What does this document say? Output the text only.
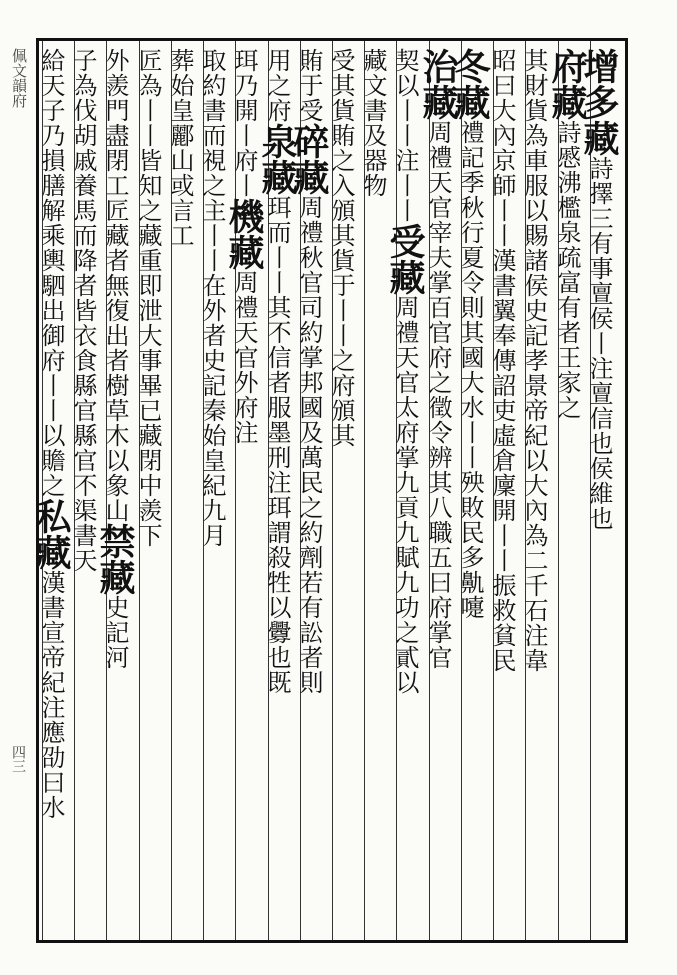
佩文韻府
四三
增多藏詩擇三有事亶侯丨注亶信也侯維也
府藏詩慼沸檻泉疏富有者王家之
其財貨為車服以賜諸侯史記孝景帝紀以大內為二千石注韋
昭曰大內京師丨丨漢書翼奉傳詔吏虛倉廩開丨丨振救貧民
冬藏禮記季秋行夏令則其國大水丨丨殃敗民多鼽嚏
治藏周禮天官宰夫掌百官府之徵令辨其八職五曰府掌官
契以丨丨注丨丨受藏周禮天官太府掌九貢九賦九功之貳以
藏文書及器物
受其貨賄之入頒其貨于丨丨之府頒其
賄于受碎藏周禮秋官司約掌邦國及萬民之約劑若有訟者則
用之府泉藏珥而丨丨其不信者服墨刑注珥謂殺牲以釁也既
珥乃開丨府丨機藏周禮天官外府注
取約書而視之主丨丨在外者史記秦始皇紀九月
葬始皇酈山或言工
匠為丨丨皆知之藏重即泄大事畢已藏閉中羨下
外羨門盡閉工匠藏者無復出者樹草木以象山禁藏史記河
子為伐胡戚養馬而降者皆衣食縣官縣官不渠書天
給天子乃損膳解乘輿駟出御府丨丨以贍之私藏漢書宣帝紀注應劭曰水
